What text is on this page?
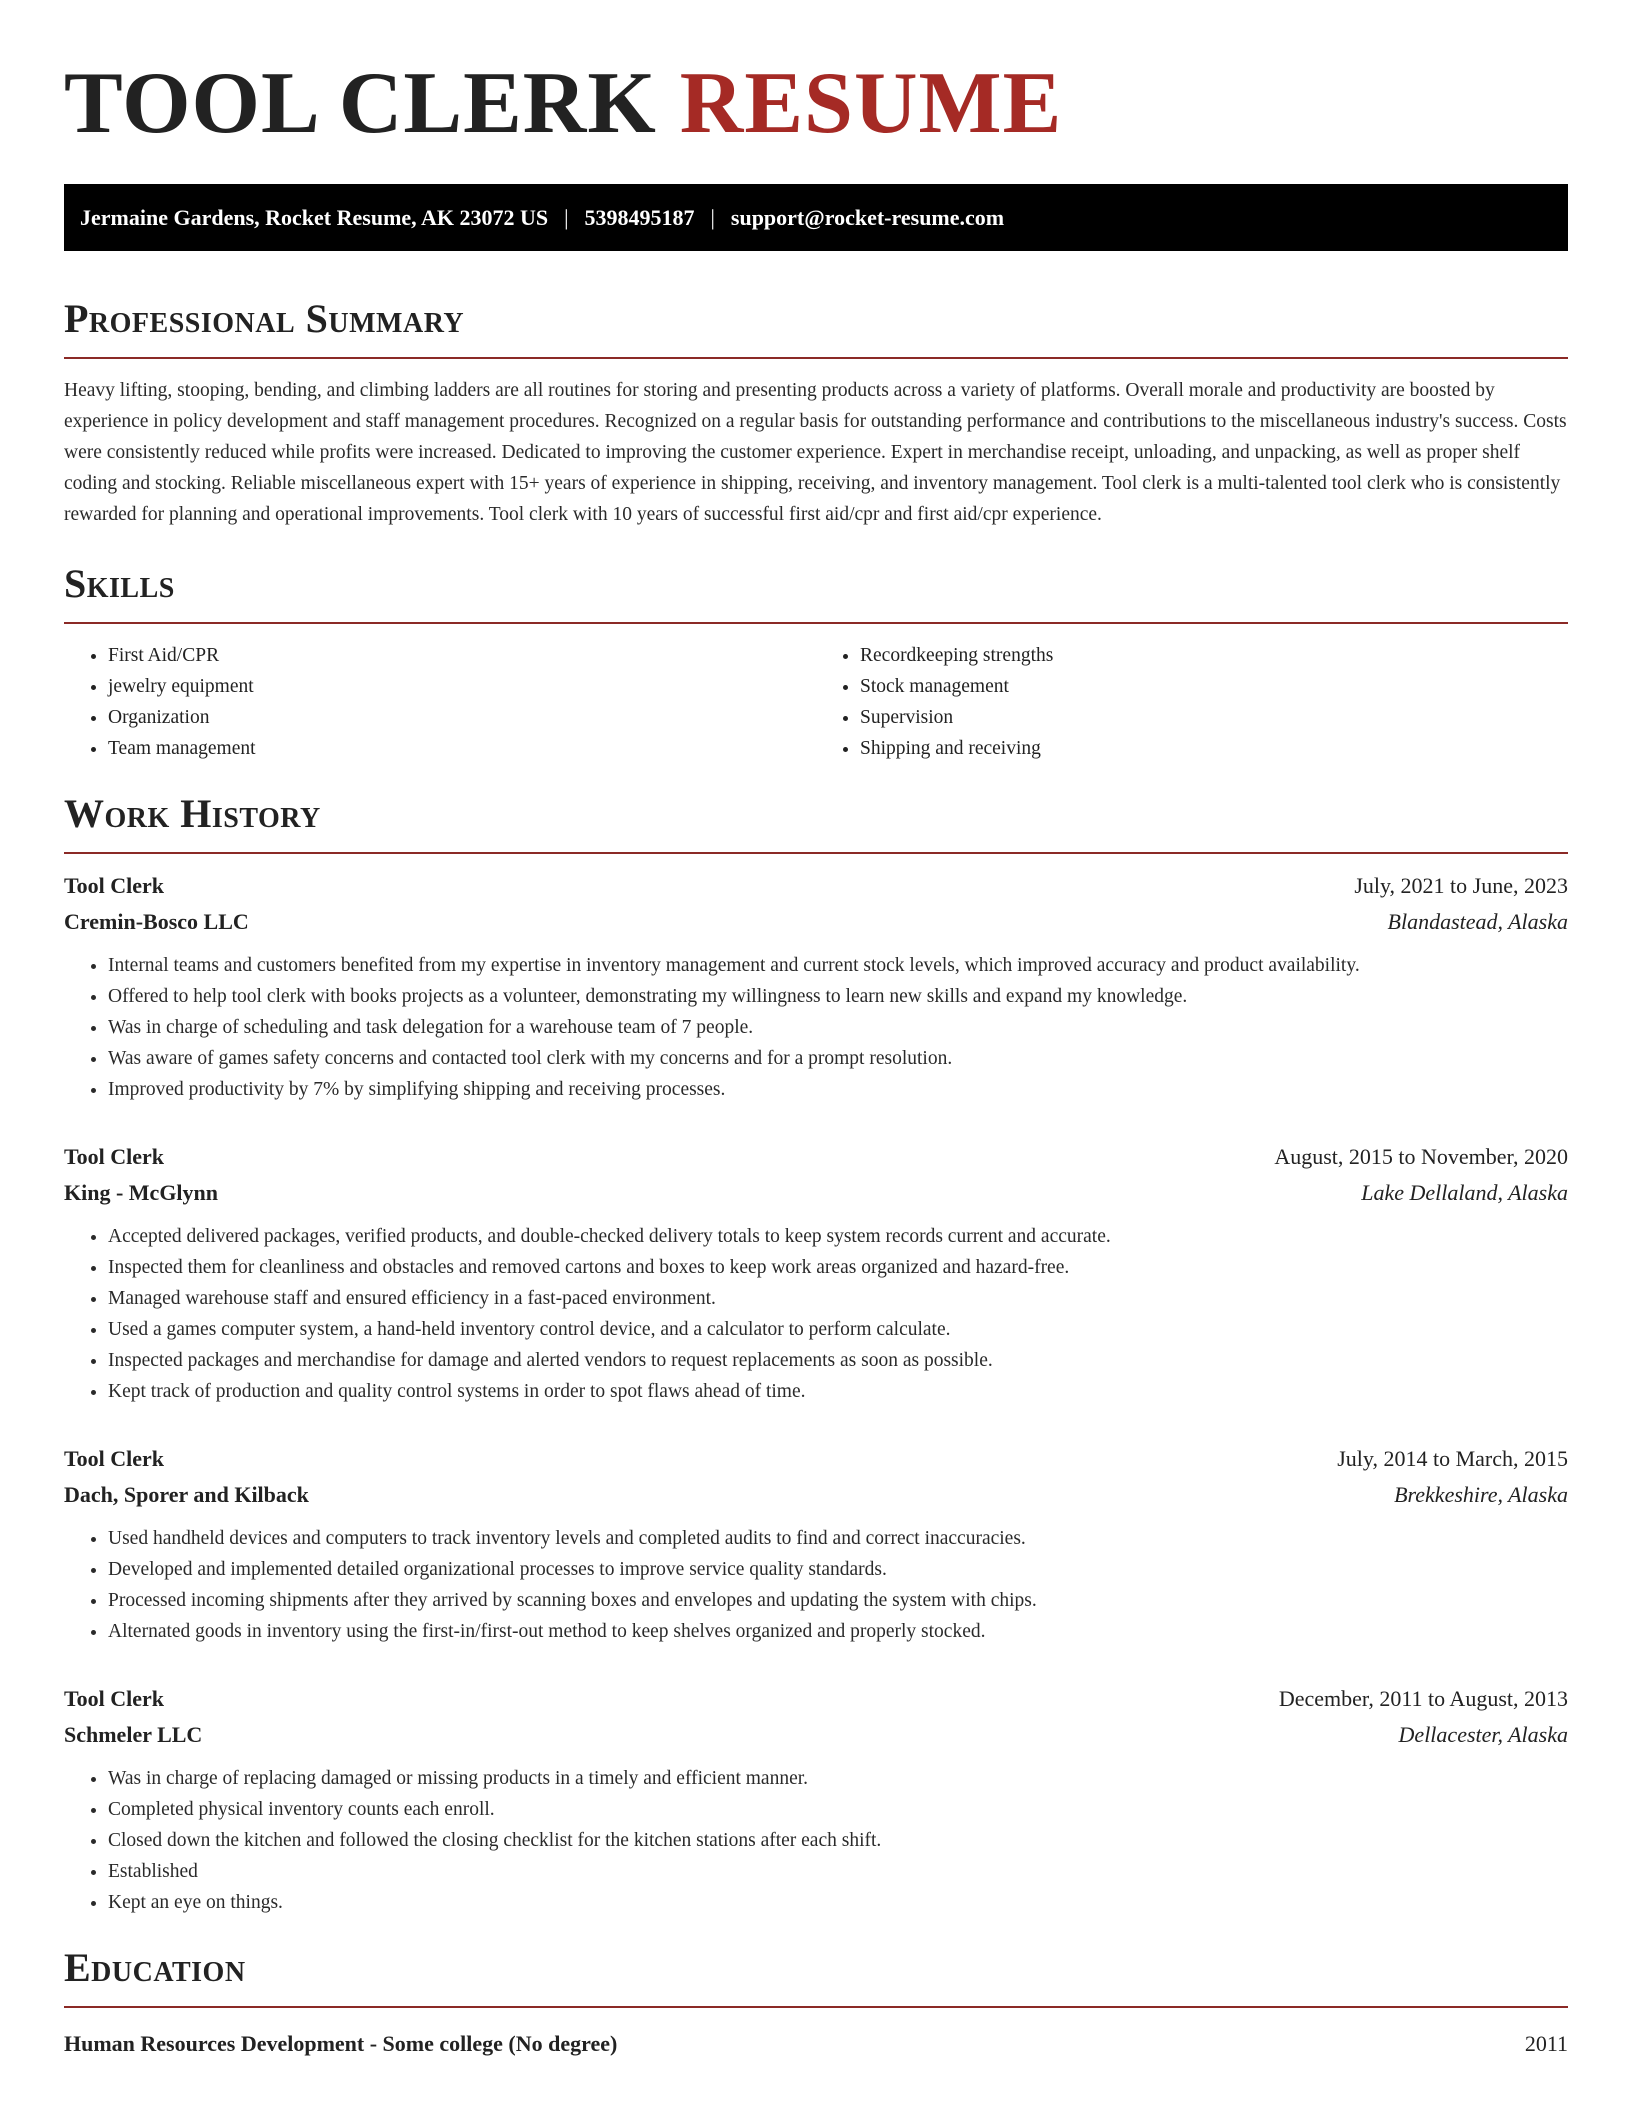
TOOL CLERK RESUME
Jermaine Gardens, Rocket Resume, AK 23072 US | 5398495187 | support@rocket-resume.com
Professional Summary

Heavy lifting, stooping, bending, and climbing ladders are all routines for storing and presenting products across a variety of platforms. Overall morale and productivity are boosted by experience in policy development and staff management procedures. Recognized on a regular basis for outstanding performance and contributions to the miscellaneous industry's success. Costs were consistently reduced while profits were increased. Dedicated to improving the customer experience. Expert in merchandise receipt, unloading, and unpacking, as well as proper shelf coding and stocking. Reliable miscellaneous expert with 15+ years of experience in shipping, receiving, and inventory management. Tool clerk is a multi-talented tool clerk who is consistently rewarded for planning and operational improvements. Tool clerk with 10 years of successful first aid/cpr and first aid/cpr experience.

Skills
• First Aid/CPR
• jewelry equipment
• Organization
• Team management
• Recordkeeping strengths
• Stock management
• Supervision
• Shipping and receiving
Work History
Tool Clerk	July, 2021 to June, 2023
Cremin-Bosco LLC	Blandastead, Alaska
• Internal teams and customers benefited from my expertise in inventory management and current stock levels, which improved accuracy and product availability.
• Offered to help tool clerk with books projects as a volunteer, demonstrating my willingness to learn new skills and expand my knowledge.
• Was in charge of scheduling and task delegation for a warehouse team of 7 people.
• Was aware of games safety concerns and contacted tool clerk with my concerns and for a prompt resolution.
• Improved productivity by 7% by simplifying shipping and receiving processes.
Tool Clerk	August, 2015 to November, 2020
King - McGlynn	Lake Dellaland, Alaska
• Accepted delivered packages, verified products, and double-checked delivery totals to keep system records current and accurate.
• Inspected them for cleanliness and obstacles and removed cartons and boxes to keep work areas organized and hazard-free.
• Managed warehouse staff and ensured efficiency in a fast-paced environment.
• Used a games computer system, a hand-held inventory control device, and a calculator to perform calculate.
• Inspected packages and merchandise for damage and alerted vendors to request replacements as soon as possible.
• Kept track of production and quality control systems in order to spot flaws ahead of time.
Tool Clerk	July, 2014 to March, 2015
Dach, Sporer and Kilback	Brekkeshire, Alaska
• Used handheld devices and computers to track inventory levels and completed audits to find and correct inaccuracies.
• Developed and implemented detailed organizational processes to improve service quality standards.
• Processed incoming shipments after they arrived by scanning boxes and envelopes and updating the system with chips.
• Alternated goods in inventory using the first-in/first-out method to keep shelves organized and properly stocked.
Tool Clerk	December, 2011 to August, 2013
Schmeler LLC	Dellacester, Alaska
• Was in charge of replacing damaged or missing products in a timely and efficient manner.
• Completed physical inventory counts each enroll.
• Closed down the kitchen and followed the closing checklist for the kitchen stations after each shift.
• Established
• Kept an eye on things.
Education
Human Resources Development - Some college (No degree)	2011
